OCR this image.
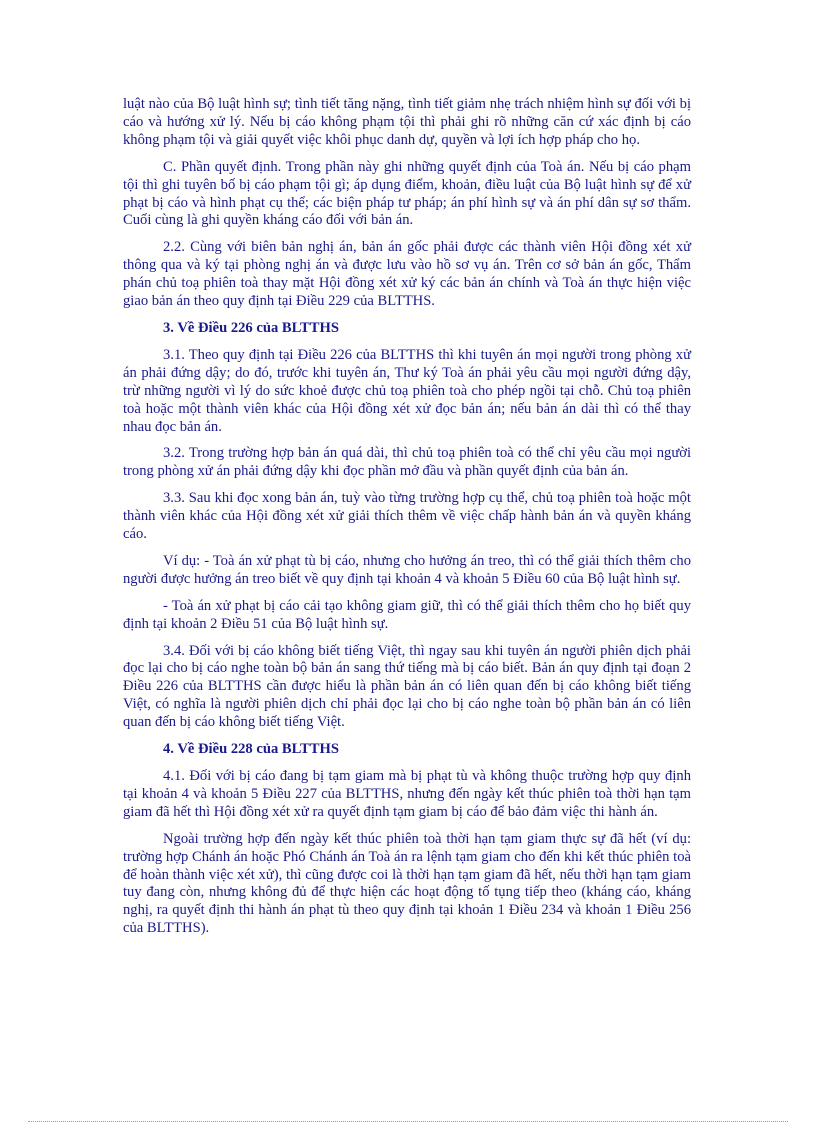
luật nào của Bộ luật hình sự; tình tiết tăng nặng, tình tiết giảm nhẹ trách nhiệm hình sự đối với bị cáo và hướng xử lý. Nếu bị cáo không phạm tội thì phải ghi rõ những căn cứ xác định bị cáo không phạm tội và giải quyết việc khôi phục danh dự, quyền và lợi ích hợp pháp cho họ.

C. Phần quyết định. Trong phần này ghi những quyết định của Toà án. Nếu bị cáo phạm tội thì ghi tuyên bố bị cáo phạm tội gì; áp dụng điểm, khoản, điều luật của Bộ luật hình sự để xử phạt bị cáo và hình phạt cụ thể; các biện pháp tư pháp; án phí hình sự và án phí dân sự sơ thẩm. Cuối cùng là ghi quyền kháng cáo đối với bản án.

2.2. Cùng với biên bản nghị án, bản án gốc phải được các thành viên Hội đồng xét xử thông qua và ký tại phòng nghị án và được lưu vào hồ sơ vụ án. Trên cơ sở bản án gốc, Thẩm phán chủ toạ phiên toà thay mặt Hội đồng xét xử ký các bản án chính và Toà án thực hiện việc giao bản án theo quy định tại Điều 229 của BLTTHS.

3. Về Điều 226 của BLTTHS

3.1. Theo quy định tại Điều 226 của BLTTHS thì khi tuyên án mọi người trong phòng xử án phải đứng dậy; do đó, trước khi tuyên án, Thư ký Toà án phải yêu cầu mọi người đứng dậy, trừ những người vì lý do sức khoẻ được chủ toạ phiên toà cho phép ngồi tại chỗ. Chủ toạ phiên toà hoặc một thành viên khác của Hội đồng xét xử đọc bản án; nếu bản án dài thì có thể thay nhau đọc bản án.

3.2. Trong trường hợp bản án quá dài, thì chủ toạ phiên toà có thể chỉ yêu cầu mọi người trong phòng xử án phải đứng dậy khi đọc phần mở đầu và phần quyết định của bản án.

3.3. Sau khi đọc xong bản án, tuỳ vào từng trường hợp cụ thể, chủ toạ phiên toà hoặc một thành viên khác của Hội đồng xét xử giải thích thêm về việc chấp hành bản án và quyền kháng cáo.

Ví dụ: - Toà án xử phạt tù bị cáo, nhưng cho hưởng án treo, thì có thể giải thích thêm cho người được hưởng án treo biết về quy định tại khoản 4 và khoản 5 Điều 60 của Bộ luật hình sự.

- Toà án xử phạt bị cáo cải tạo không giam giữ, thì có thể giải thích thêm cho họ biết quy định tại khoản 2 Điều 51 của Bộ luật hình sự.

3.4. Đối với bị cáo không biết tiếng Việt, thì ngay sau khi tuyên án người phiên dịch phải đọc lại cho bị cáo nghe toàn bộ bản án sang thứ tiếng mà bị cáo biết. Bản án quy định tại đoạn 2 Điều 226 của BLTTHS cần được hiểu là phần bản án có liên quan đến bị cáo không biết tiếng Việt, có nghĩa là người phiên dịch chỉ phải đọc lại cho bị cáo nghe toàn bộ phần bản án có liên quan đến bị cáo không biết tiếng Việt.

4. Về Điều 228 của BLTTHS

4.1. Đối với bị cáo đang bị tạm giam mà bị phạt tù và không thuộc trường hợp quy định tại khoản 4 và khoản 5 Điều 227 của BLTTHS, nhưng đến ngày kết thúc phiên toà thời hạn tạm giam đã hết thì Hội đồng xét xử ra quyết định tạm giam bị cáo để bảo đảm việc thi hành án.

Ngoài trường hợp đến ngày kết thúc phiên toà thời hạn tạm giam thực sự đã hết (ví dụ: trường hợp Chánh án hoặc Phó Chánh án Toà án ra lệnh tạm giam cho đến khi kết thúc phiên toà để hoàn thành việc xét xử), thì cũng được coi là thời hạn tạm giam đã hết, nếu thời hạn tạm giam tuy đang còn, nhưng không đủ để thực hiện các hoạt động tố tụng tiếp theo (kháng cáo, kháng nghị, ra quyết định thi hành án phạt tù theo quy định tại khoản 1 Điều 234 và khoản 1 Điều 256 của BLTTHS).
